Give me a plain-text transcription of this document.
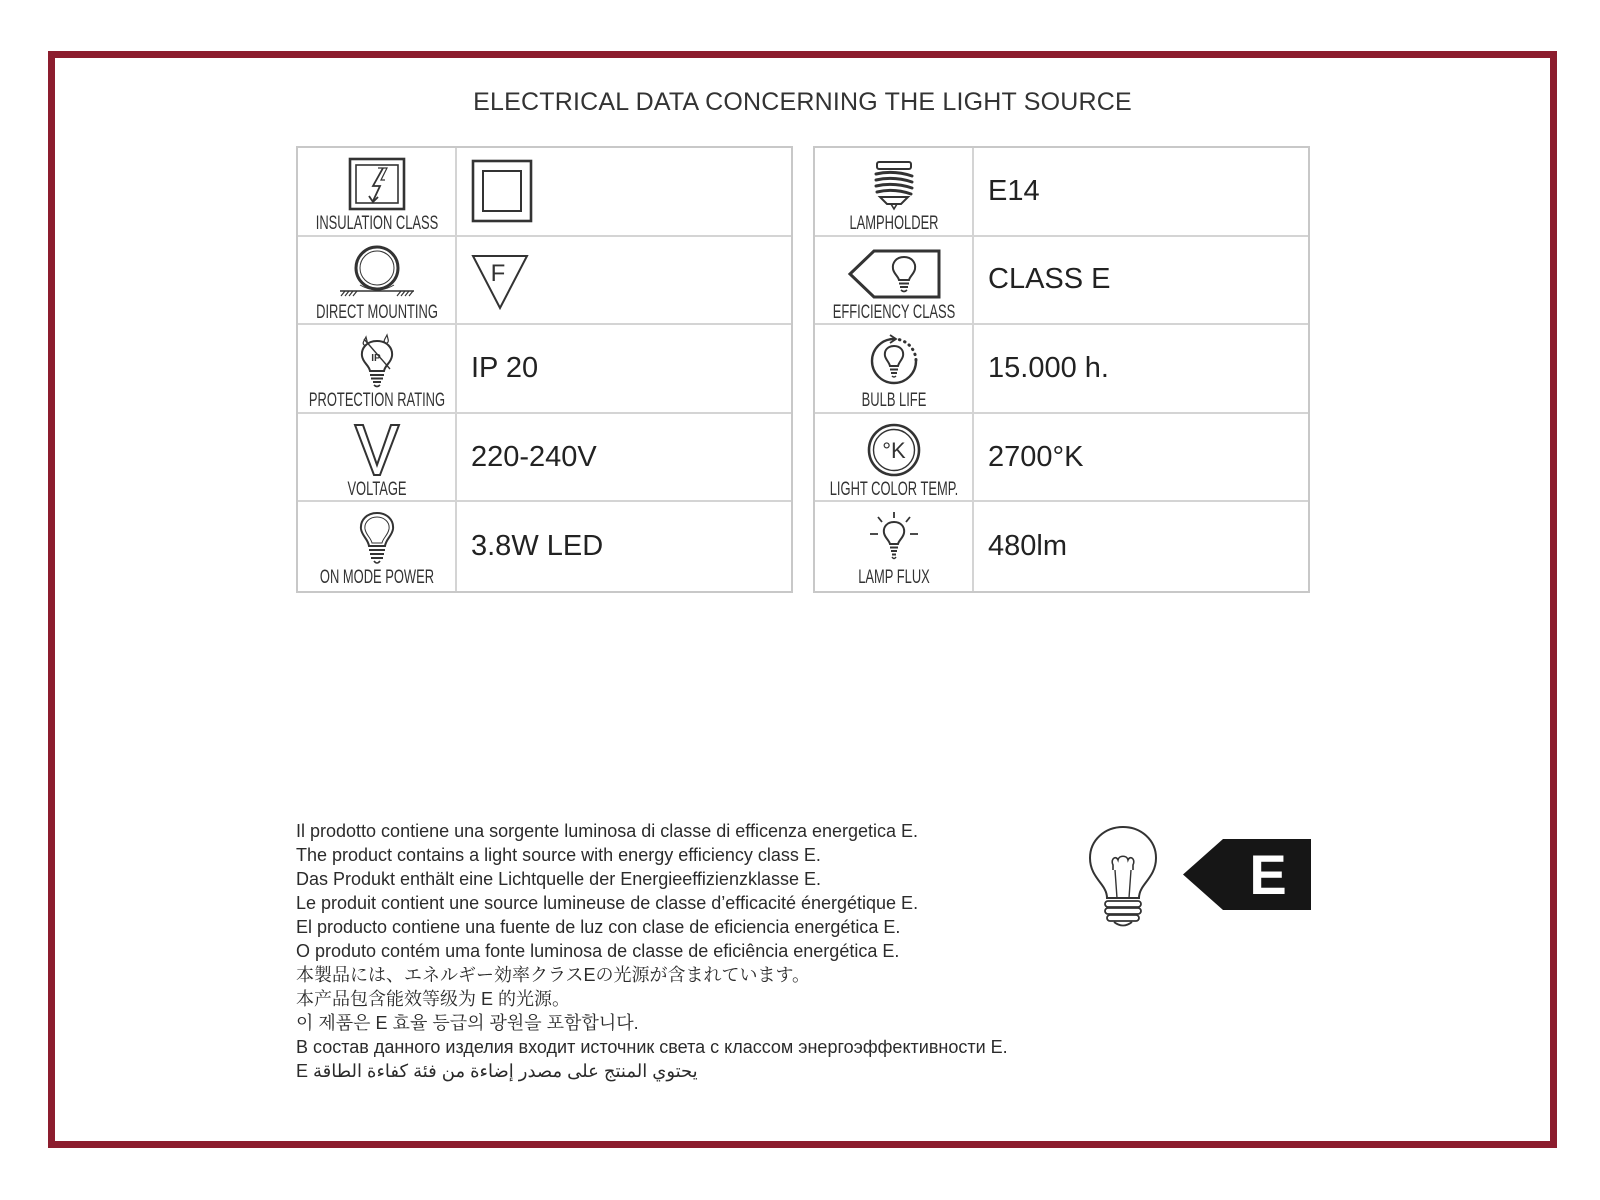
ELECTRICAL DATA CONCERNING THE LIGHT SOURCE
INSULATION CLASS
DIRECT MOUNTING
F
IP
PROTECTION RATING
IP 20
VOLTAGE
220-240V
ON MODE POWER
3.8W LED
LAMPHOLDER
E14
EFFICIENCY CLASS
CLASS E
BULB LIFE
15.000 h.
°K
LIGHT COLOR TEMP.
2700°K
LAMP FLUX
480lm
Il prodotto contiene una sorgente luminosa di classe di efficenza energetica E.
The product contains a light source with energy efficiency class E.
Das Produkt enthält eine Lichtquelle der Energieeffizienzklasse E.
Le produit contient une source lumineuse de classe d’efficacité énergétique E.
El producto contiene una fuente de luz con clase de eficiencia energética E.
O produto contém uma fonte luminosa de classe de eficiência energética E.
本製品には、エネルギー効率クラスEの光源が含まれています。
本产品包含能效等级为 E 的光源。
이 제품은 E 효율 등급의 광원을 포함합니다.
В состав данного изделия входит источник света с классом энергоэффективности E.
يحتوي المنتج على مصدر إضاءة من فئة كفاءة الطاقة E
E
